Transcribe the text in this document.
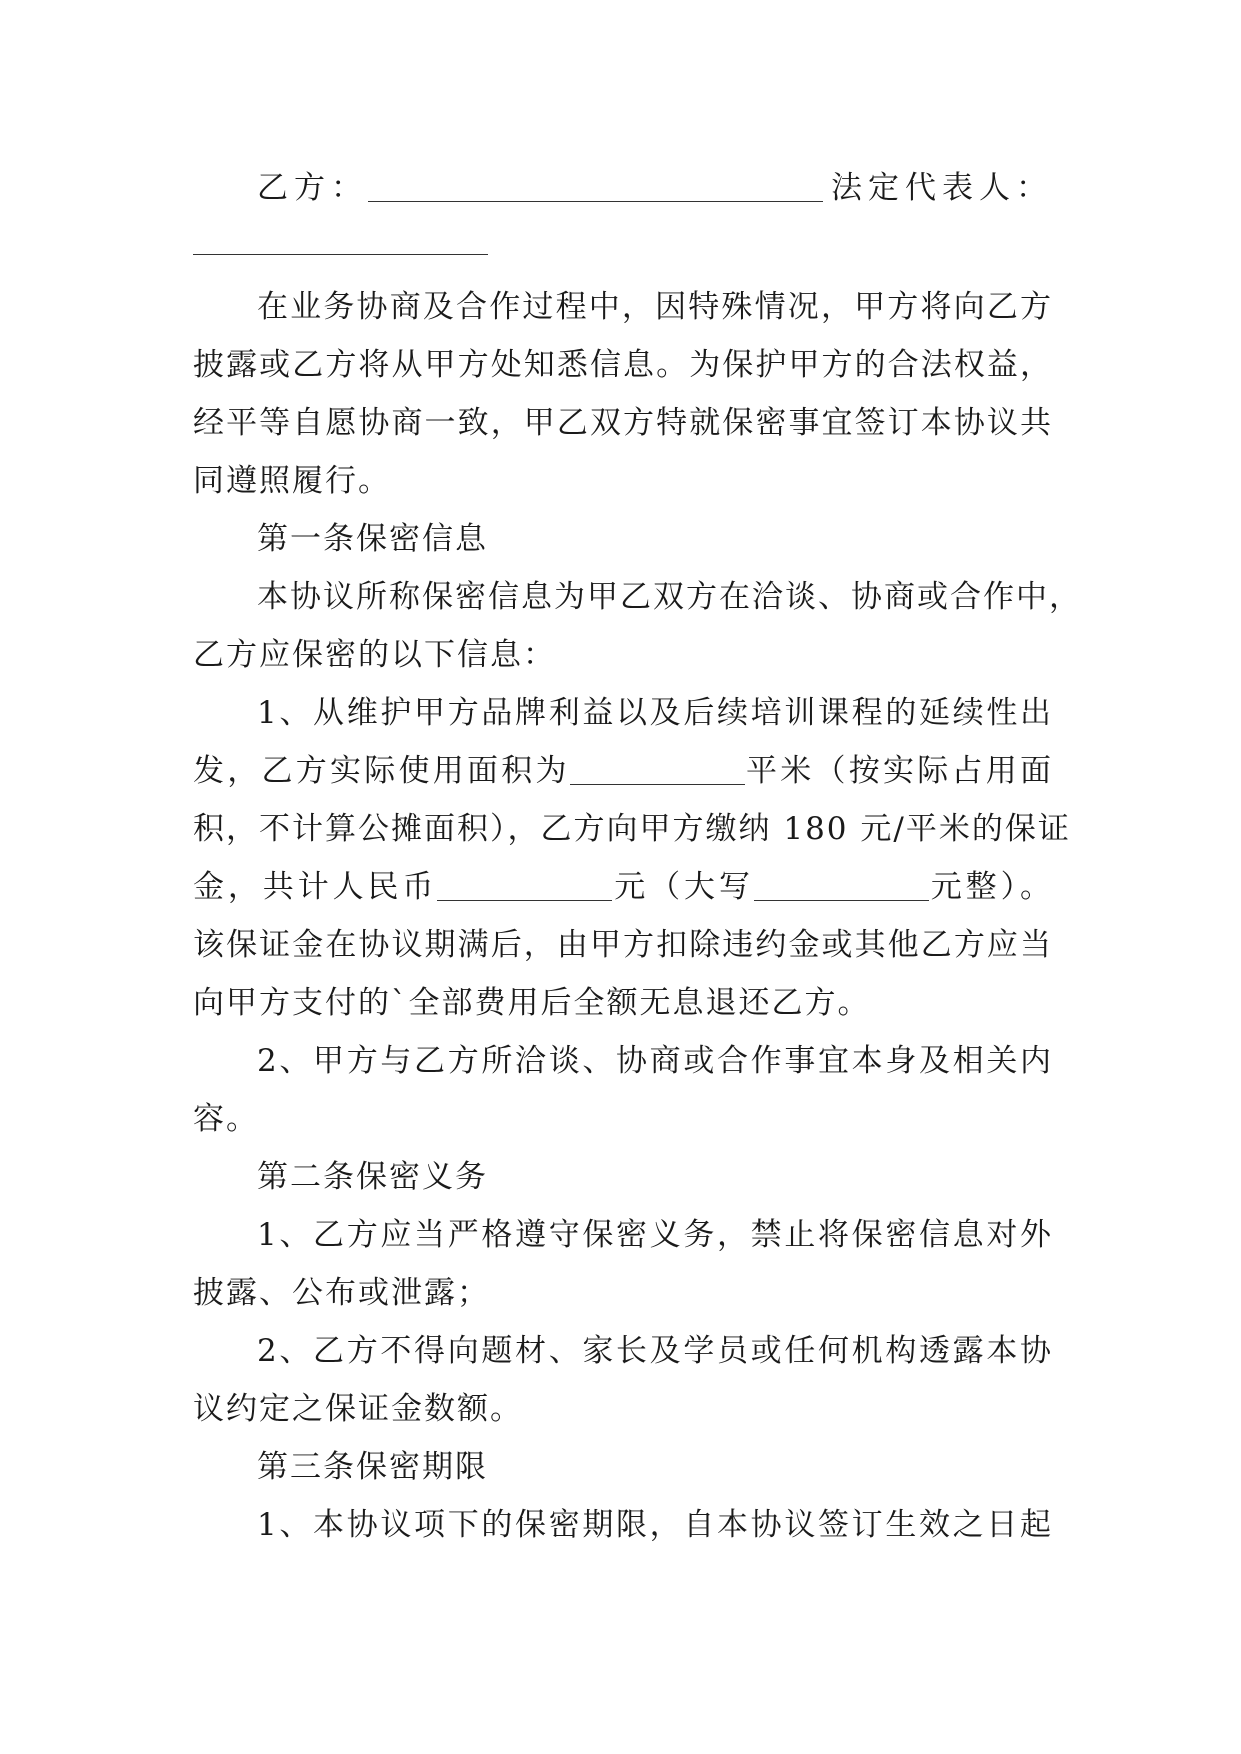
乙方：	法定代表人：
在业务协商及合作过程中，因特殊情况，甲方将向乙方
披露或乙方将从甲方处知悉信息。为保护甲方的合法权益，
经平等自愿协商一致，甲乙双方特就保密事宜签订本协议共
同遵照履行。
第一条保密信息
本协议所称保密信息为甲乙双方在洽谈、协商或合作中，
乙方应保密的以下信息：
1、从维护甲方品牌利益以及后续培训课程的延续性出
发，乙方实际使用面积为	平米（按实际占用面
积，不计算公摊面积），乙方向甲方缴纳 180 元/平米的保证
金，共计人民币	元（大写	元整）。
该保证金在协议期满后，由甲方扣除违约金或其他乙方应当
向甲方支付的`全部费用后全额无息退还乙方。
2、甲方与乙方所洽谈、协商或合作事宜本身及相关内
容。
第二条保密义务
1、乙方应当严格遵守保密义务，禁止将保密信息对外
披露、公布或泄露；
2、乙方不得向题材、家长及学员或任何机构透露本协
议约定之保证金数额。
第三条保密期限
1、本协议项下的保密期限，自本协议签订生效之日起
